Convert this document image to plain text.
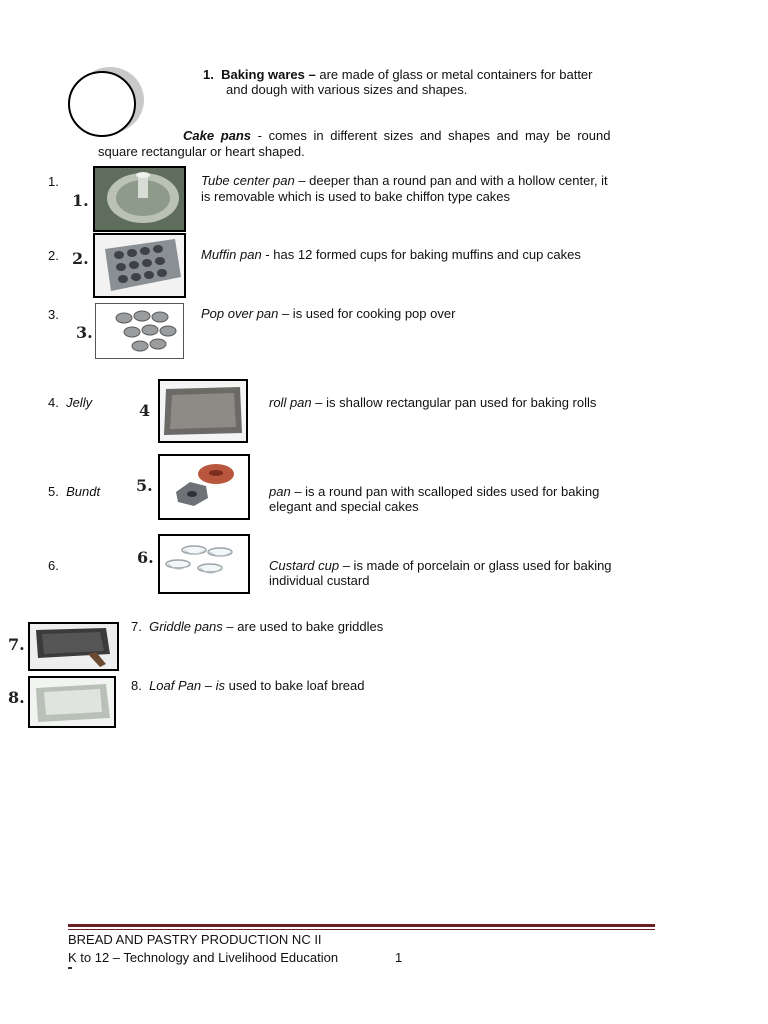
1. Baking wares – are made of glass or metal containers for batter
and dough with various sizes and shapes.
Cake pans - comes in different sizes and shapes and may be round
square rectangular or heart shaped.
1.
1.
Tube center pan – deeper than a round pan and with a hollow center, it
is removable which is used to bake chiffon type cakes
2. 2.	Muffin pan - has 12 formed cups for baking muffins and cup cakes
3.
3.
Pop over pan – is used for cooking pop over
4. Jelly	4	roll pan – is shallow rectangular pan used for baking rolls
5. Bundt 5.	pan – is a round pan with scalloped sides used for baking
elegant and special cakes
6.	6.	Custard cup – is made of porcelain or glass used for baking
individual custard
7.
7. Griddle pans – are used to bake griddles
8.
8. Loaf Pan – is used to bake loaf bread
BREAD AND PASTRY PRODUCTION NC II
K to 12 – Technology and Livelihood Education	1
